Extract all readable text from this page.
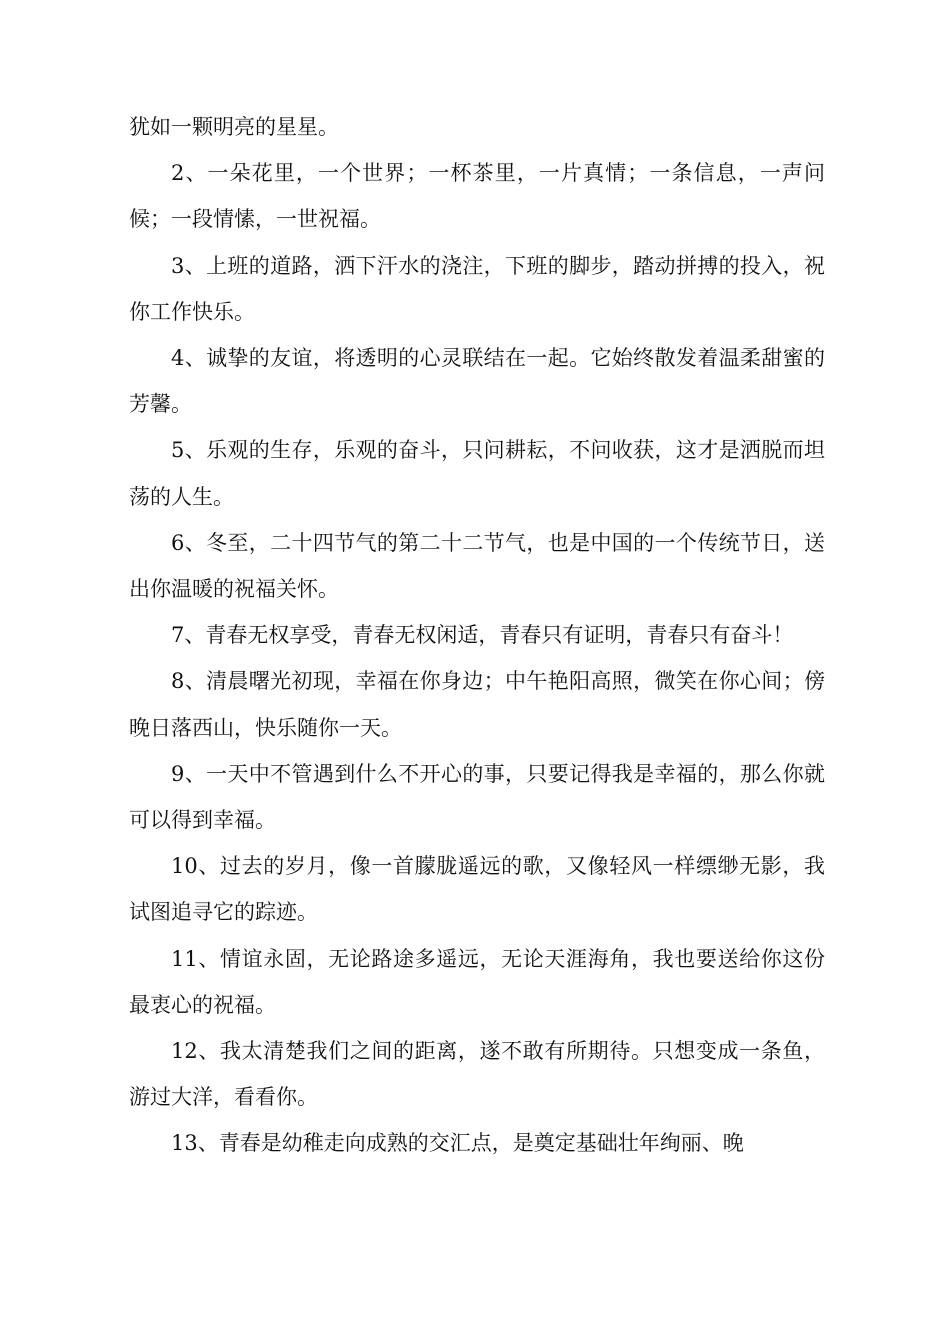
犹如一颗明亮的星星。

2、一朵花里，一个世界；一杯茶里，一片真情；一条信息，一声问候；一段情愫，一世祝福。

3、上班的道路，洒下汗水的浇注，下班的脚步，踏动拼搏的投入，祝你工作快乐。

4、诚挚的友谊，将透明的心灵联结在一起。它始终散发着温柔甜蜜的芳馨。

5、乐观的生存，乐观的奋斗，只问耕耘，不问收获，这才是洒脱而坦荡的人生。

6、冬至，二十四节气的第二十二节气，也是中国的一个传统节日，送出你温暖的祝福关怀。

7、青春无权享受，青春无权闲适，青春只有证明，青春只有奋斗！

8、清晨曙光初现，幸福在你身边；中午艳阳高照，微笑在你心间；傍晚日落西山，快乐随你一天。

9、一天中不管遇到什么不开心的事，只要记得我是幸福的，那么你就可以得到幸福。

10、过去的岁月，像一首朦胧遥远的歌，又像轻风一样缥缈无影，我试图追寻它的踪迹。

11、情谊永固，无论路途多遥远，无论天涯海角，我也要送给你这份最衷心的祝福。

12、我太清楚我们之间的距离，遂不敢有所期待。只想变成一条鱼，游过大洋，看看你。

13、青春是幼稚走向成熟的交汇点，是奠定基础壮年绚丽、晚
